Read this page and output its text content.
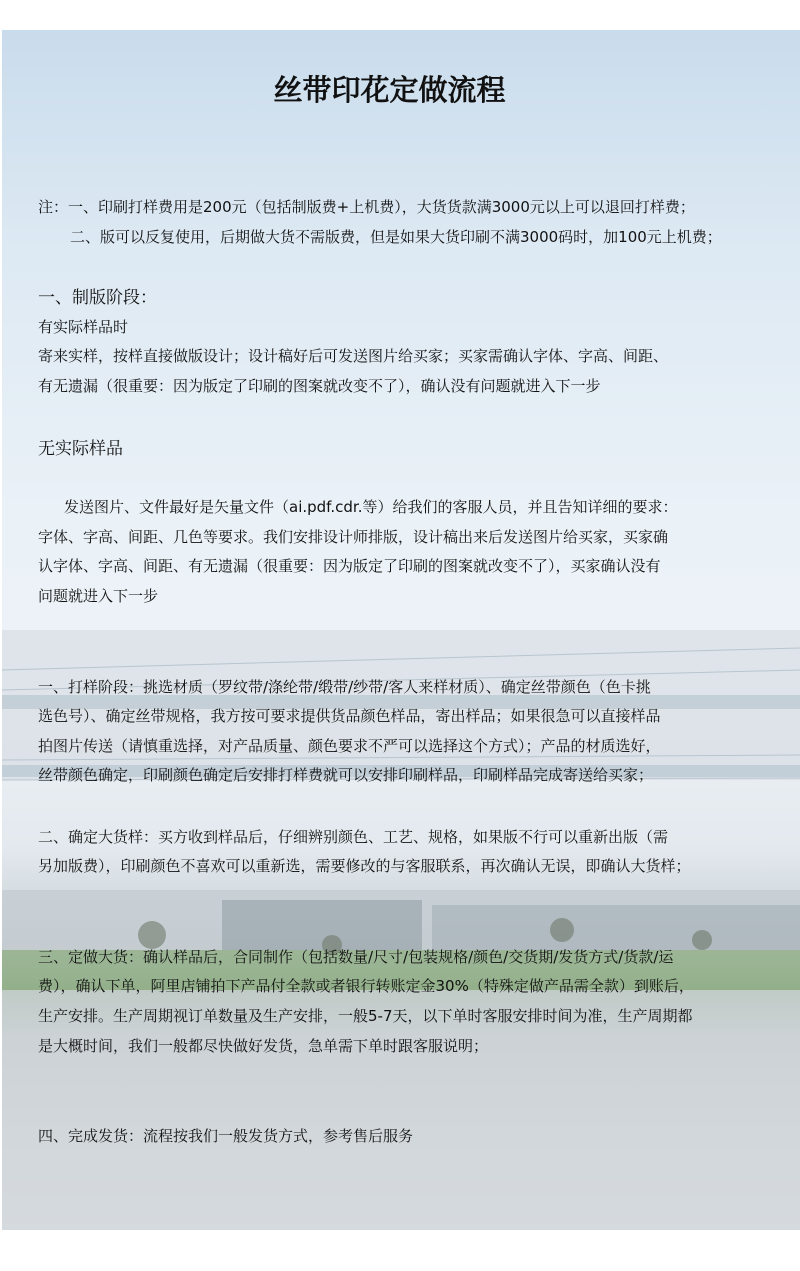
丝带印花定做流程

注：一、印刷打样费用是200元（包括制版费+上机费），大货货款满3000元以上可以退回打样费；

二、版可以反复使用，后期做大货不需版费，但是如果大货印刷不满3000码时，加100元上机费；

一、制版阶段：

有实际样品时

寄来实样，按样直接做版设计；设计稿好后可发送图片给买家；买家需确认字体、字高、间距、

有无遗漏（很重要：因为版定了印刷的图案就改变不了），确认没有问题就进入下一步

无实际样品

发送图片、文件最好是矢量文件（ai.pdf.cdr.等）给我们的客服人员，并且告知详细的要求：

字体、字高、间距、几色等要求。我们安排设计师排版，设计稿出来后发送图片给买家，买家确

认字体、字高、间距、有无遗漏（很重要：因为版定了印刷的图案就改变不了），买家确认没有

问题就进入下一步

一、打样阶段：挑选材质（罗纹带/涤纶带/缎带/纱带/客人来样材质）、确定丝带颜色（色卡挑

选色号）、确定丝带规格，我方按可要求提供货品颜色样品，寄出样品；如果很急可以直接样品

拍图片传送（请慎重选择，对产品质量、颜色要求不严可以选择这个方式）；产品的材质选好，

丝带颜色确定，印刷颜色确定后安排打样费就可以安排印刷样品，印刷样品完成寄送给买家；

二、确定大货样：买方收到样品后，仔细辨别颜色、工艺、规格，如果版不行可以重新出版（需

另加版费），印刷颜色不喜欢可以重新选，需要修改的与客服联系，再次确认无误，即确认大货样；

三、定做大货：确认样品后，合同制作（包括数量/尺寸/包装规格/颜色/交货期/发货方式/货款/运

费），确认下单，阿里店铺拍下产品付全款或者银行转账定金30%（特殊定做产品需全款）到账后，

生产安排。生产周期视订单数量及生产安排，一般5-7天，以下单时客服安排时间为准，生产周期都

是大概时间，我们一般都尽快做好发货，急单需下单时跟客服说明；

四、完成发货：流程按我们一般发货方式，参考售后服务
